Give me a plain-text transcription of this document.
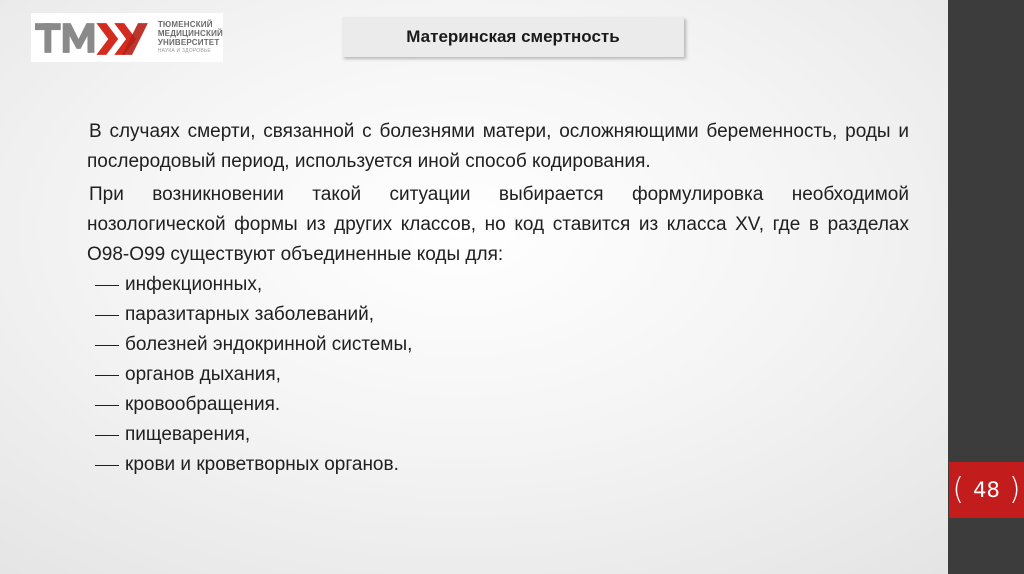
ТЮМЕНСКИЙ
МЕДИЦИНСКИЙ
УНИВЕРСИТЕТ
НАУКА И ЗДОРОВЬЕ
Материнская смертность

В случаях смерти, связанной с болезнями матери, осложняющими беременность, роды и послеродовый период, используется иной способ кодирования.

При возникновении такой ситуации выбирается формулировка необходимой нозологической формы из других классов, но код ставится из класса XV, где в разделах O98-O99 существуют объединенные коды для:

инфекционных,
паразитарных заболеваний,
болезней эндокринной системы,
органов дыхания,
кровообращения.
пищеварения,
крови и кроветворных органов.
( 48 )
